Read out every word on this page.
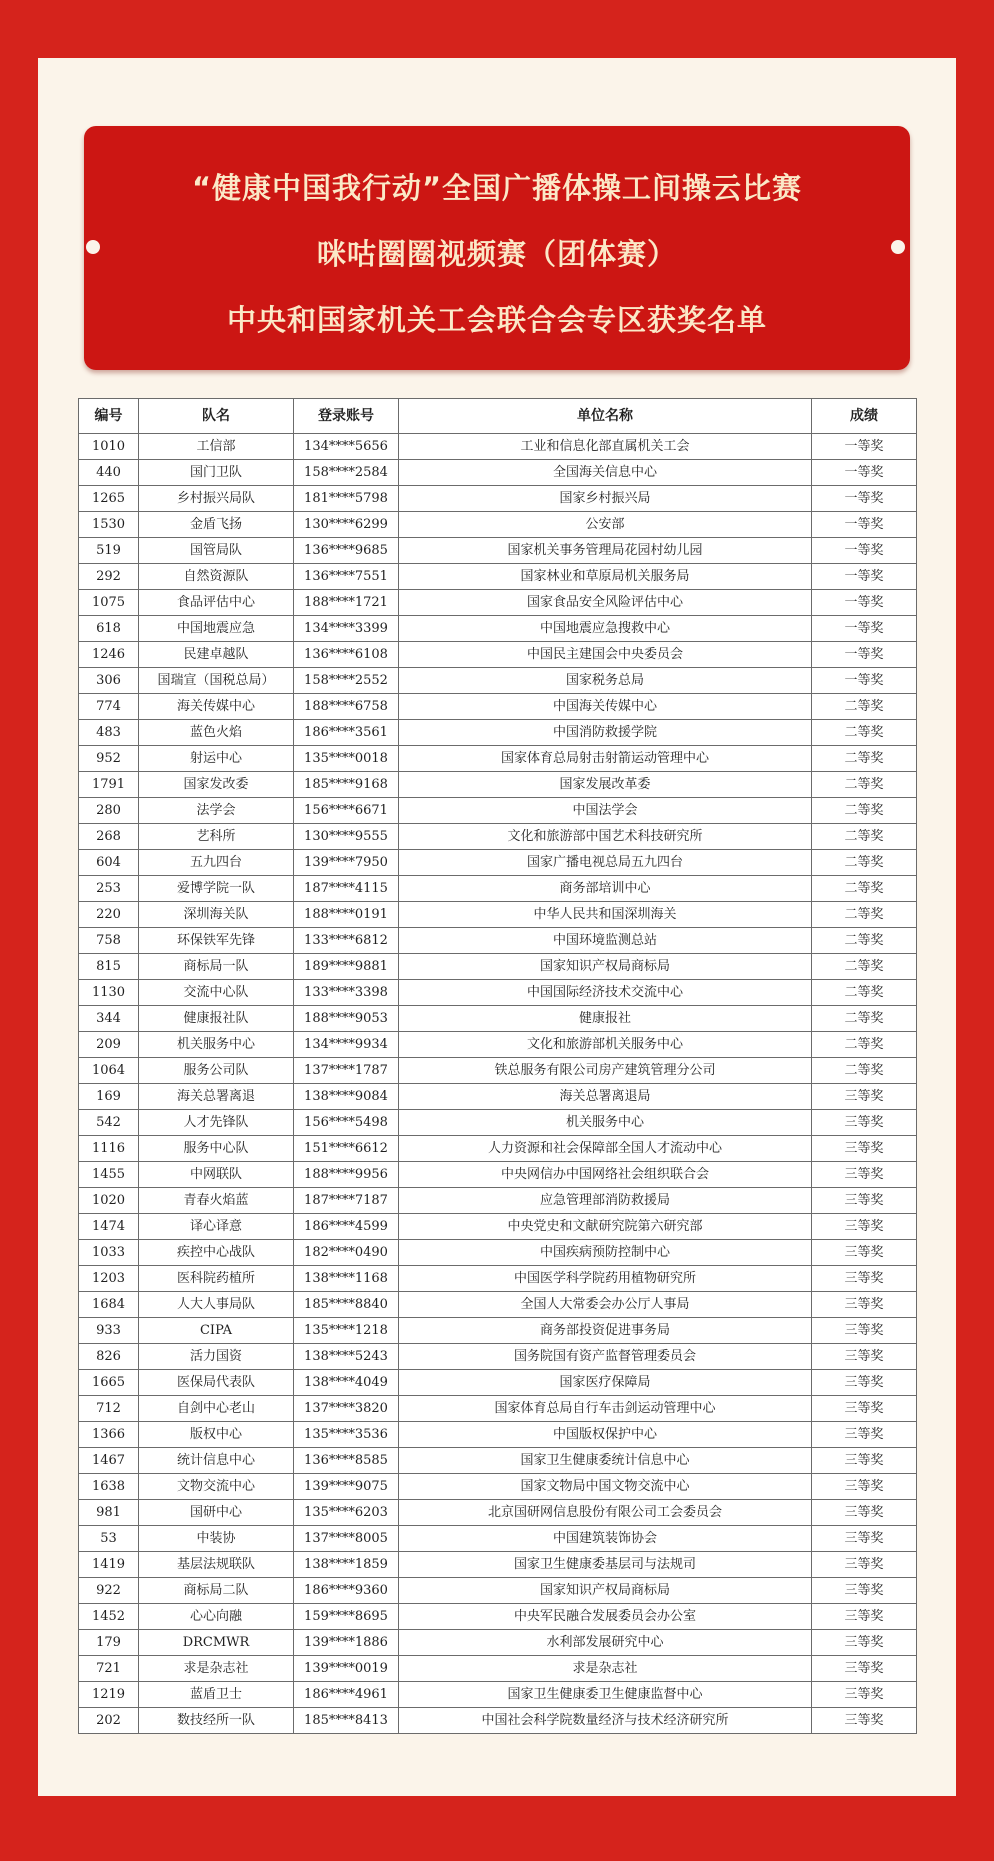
“健康中国我行动”全国广播体操工间操云比赛
咪咕圈圈视频赛（团体赛）
中央和国家机关工会联合会专区获奖名单
编号	队名	登录账号	单位名称	成绩
1010	工信部	134****5656	工业和信息化部直属机关工会	一等奖
440	国门卫队	158****2584	全国海关信息中心	一等奖
1265	乡村振兴局队	181****5798	国家乡村振兴局	一等奖
1530	金盾飞扬	130****6299	公安部	一等奖
519	国管局队	136****9685	国家机关事务管理局花园村幼儿园	一等奖
292	自然资源队	136****7551	国家林业和草原局机关服务局	一等奖
1075	食品评估中心	188****1721	国家食品安全风险评估中心	一等奖
618	中国地震应急	134****3399	中国地震应急搜救中心	一等奖
1246	民建卓越队	136****6108	中国民主建国会中央委员会	一等奖
306	国瑞宣（国税总局）	158****2552	国家税务总局	一等奖
774	海关传媒中心	188****6758	中国海关传媒中心	二等奖
483	蓝色火焰	186****3561	中国消防救援学院	二等奖
952	射运中心	135****0018	国家体育总局射击射箭运动管理中心	二等奖
1791	国家发改委	185****9168	国家发展改革委	二等奖
280	法学会	156****6671	中国法学会	二等奖
268	艺科所	130****9555	文化和旅游部中国艺术科技研究所	二等奖
604	五九四台	139****7950	国家广播电视总局五九四台	二等奖
253	爱博学院一队	187****4115	商务部培训中心	二等奖
220	深圳海关队	188****0191	中华人民共和国深圳海关	二等奖
758	环保铁军先锋	133****6812	中国环境监测总站	二等奖
815	商标局一队	189****9881	国家知识产权局商标局	二等奖
1130	交流中心队	133****3398	中国国际经济技术交流中心	二等奖
344	健康报社队	188****9053	健康报社	二等奖
209	机关服务中心	134****9934	文化和旅游部机关服务中心	二等奖
1064	服务公司队	137****1787	铁总服务有限公司房产建筑管理分公司	二等奖
169	海关总署离退	138****9084	海关总署离退局	三等奖
542	人才先锋队	156****5498	机关服务中心	三等奖
1116	服务中心队	151****6612	人力资源和社会保障部全国人才流动中心	三等奖
1455	中网联队	188****9956	中央网信办中国网络社会组织联合会	三等奖
1020	青春火焰蓝	187****7187	应急管理部消防救援局	三等奖
1474	译心译意	186****4599	中央党史和文献研究院第六研究部	三等奖
1033	疾控中心战队	182****0490	中国疾病预防控制中心	三等奖
1203	医科院药植所	138****1168	中国医学科学院药用植物研究所	三等奖
1684	人大人事局队	185****8840	全国人大常委会办公厅人事局	三等奖
933	CIPA	135****1218	商务部投资促进事务局	三等奖
826	活力国资	138****5243	国务院国有资产监督管理委员会	三等奖
1665	医保局代表队	138****4049	国家医疗保障局	三等奖
712	自剑中心老山	137****3820	国家体育总局自行车击剑运动管理中心	三等奖
1366	版权中心	135****3536	中国版权保护中心	三等奖
1467	统计信息中心	136****8585	国家卫生健康委统计信息中心	三等奖
1638	文物交流中心	139****9075	国家文物局中国文物交流中心	三等奖
981	国研中心	135****6203	北京国研网信息股份有限公司工会委员会	三等奖
53	中装协	137****8005	中国建筑装饰协会	三等奖
1419	基层法规联队	138****1859	国家卫生健康委基层司与法规司	三等奖
922	商标局二队	186****9360	国家知识产权局商标局	三等奖
1452	心心向融	159****8695	中央军民融合发展委员会办公室	三等奖
179	DRCMWR	139****1886	水利部发展研究中心	三等奖
721	求是杂志社	139****0019	求是杂志社	三等奖
1219	蓝盾卫士	186****4961	国家卫生健康委卫生健康监督中心	三等奖
202	数技经所一队	185****8413	中国社会科学院数量经济与技术经济研究所	三等奖
